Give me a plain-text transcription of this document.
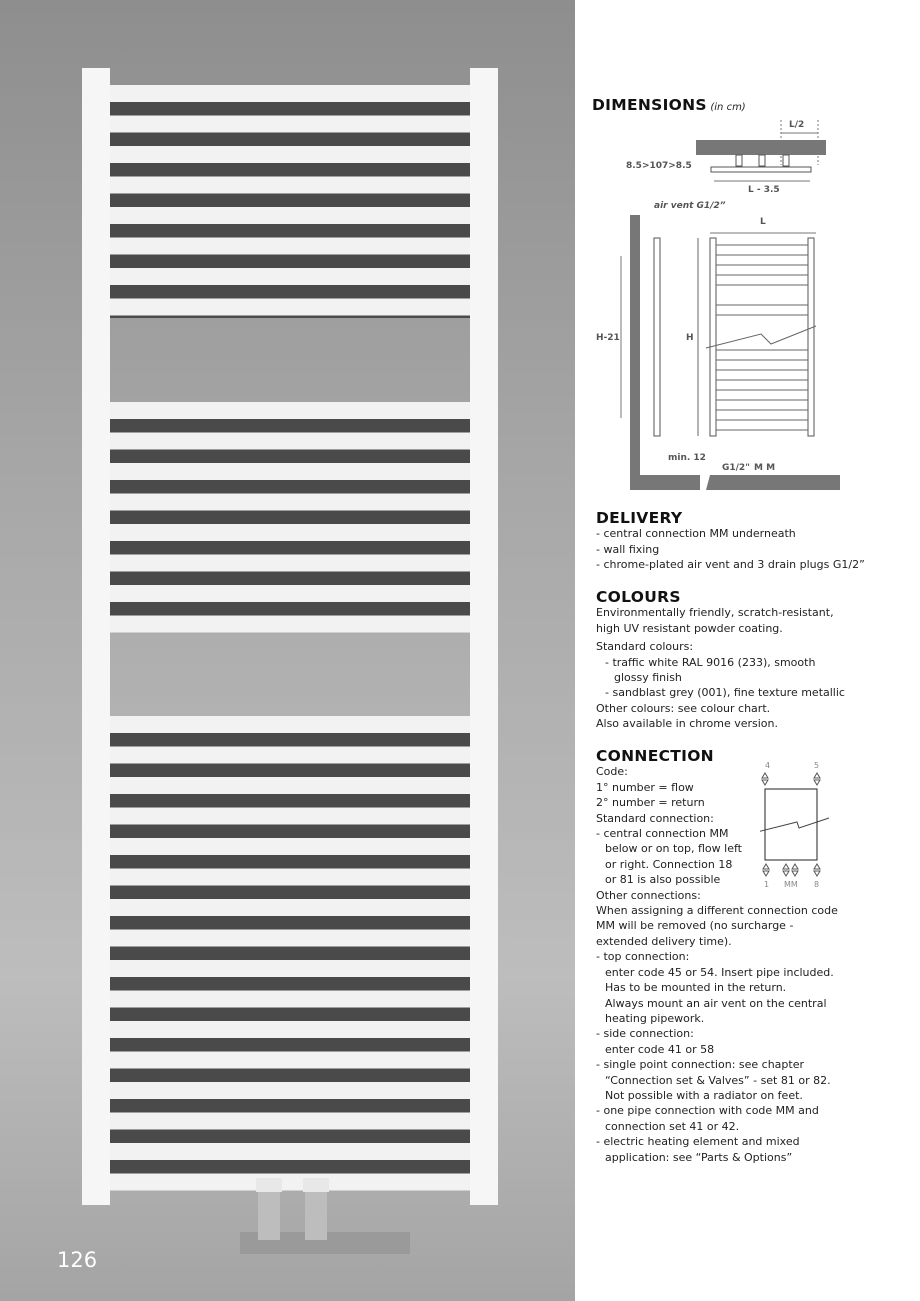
126
DIMENSIONS (in cm)
L/2
8.5>10 7>8.5
L - 3.5
air vent G1/2”
H-21
L
H
min. 12
G1/2" M M
DELIVERY
- central connection MM underneath
- wall fixing
- chrome-plated air vent and 3 drain plugs G1/2”
COLOURS
Environmentally friendly, scratch-resistant, high UV resistant powder coating.
Standard colours:
- traffic white RAL 9016 (233), smooth glossy finish
- sandblast grey (001), fine texture metallic
Other colours: see colour chart.
Also available in chrome version.
CONNECTION
Code:
1° number = flow
2° number = return
Standard connection:
- central connection MM below or on top, flow left or right. Connection 18 or 81 is also possible
Other connections:
When assigning a different connection code MM will be removed (no surcharge - extended delivery time).
- top connection:
enter code 45 or 54. Insert pipe included.
Has to be mounted in the return.
Always mount an air vent on the central heating pipework.
- side connection:
enter code 41 or 58
- single point connection: see chapter “Connection set & Valves” - set 81 or 82.
Not possible with a radiator on feet.
- one pipe connection with code MM and connection set 41 or 42.
- electric heating element and mixed application: see “Parts & Options”
4	5
1 MM 8
